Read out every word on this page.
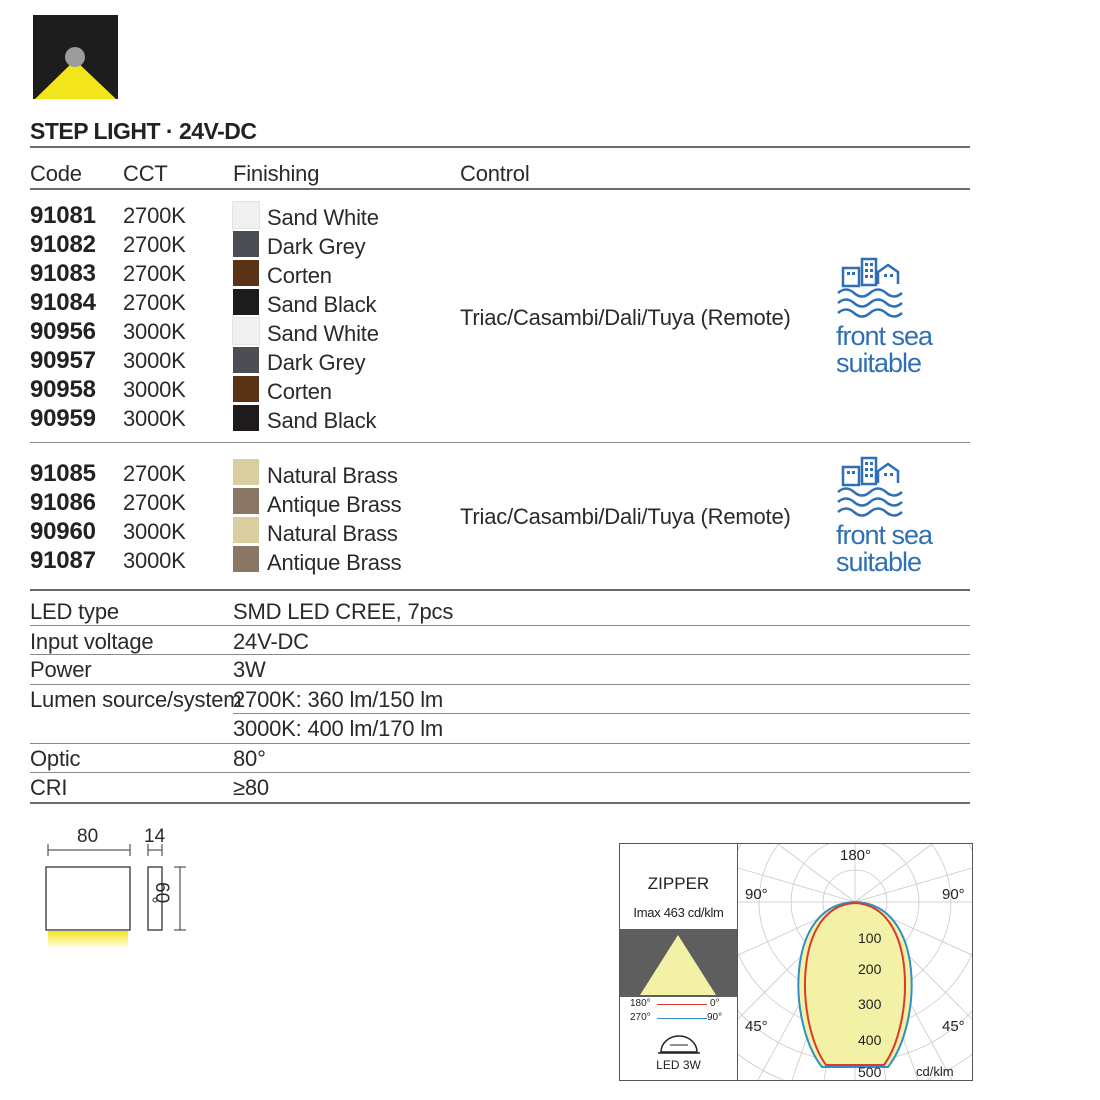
STEP LIGHT · 24V-DC
Code CCT	Finishing	Control
91081 2700K	Sand White
91082 2700K	Dark Grey
91083 2700K	Corten
91084 2700K	Sand Black
90956 3000K	Sand White
90957 3000K	Dark Grey
90958 3000K	Corten
90959 3000K	Sand Black
Triac/Casambi/Dali/Tuya (Remote)
front sea
suitable
91085 2700K	Natural Brass
91086 2700K	Antique Brass
90960 3000K	Natural Brass
91087 3000K	Antique Brass
Triac/Casambi/Dali/Tuya (Remote)
front sea
suitable
LED type	SMD LED CREE, 7pcs
Input voltage	24V-DC
Power	3W
Lumen source/system
2700K: 360 lm/150 lm
3000K: 400 lm/170 lm
Optic	80°
CRI	≥80
80 14
60	ZIPPER
Imax 463 cd/klm
180°	0°
270°	90°
LED 3W
180°
90°	90°
45°	45°
100
200
300
400
500	cd/klm
